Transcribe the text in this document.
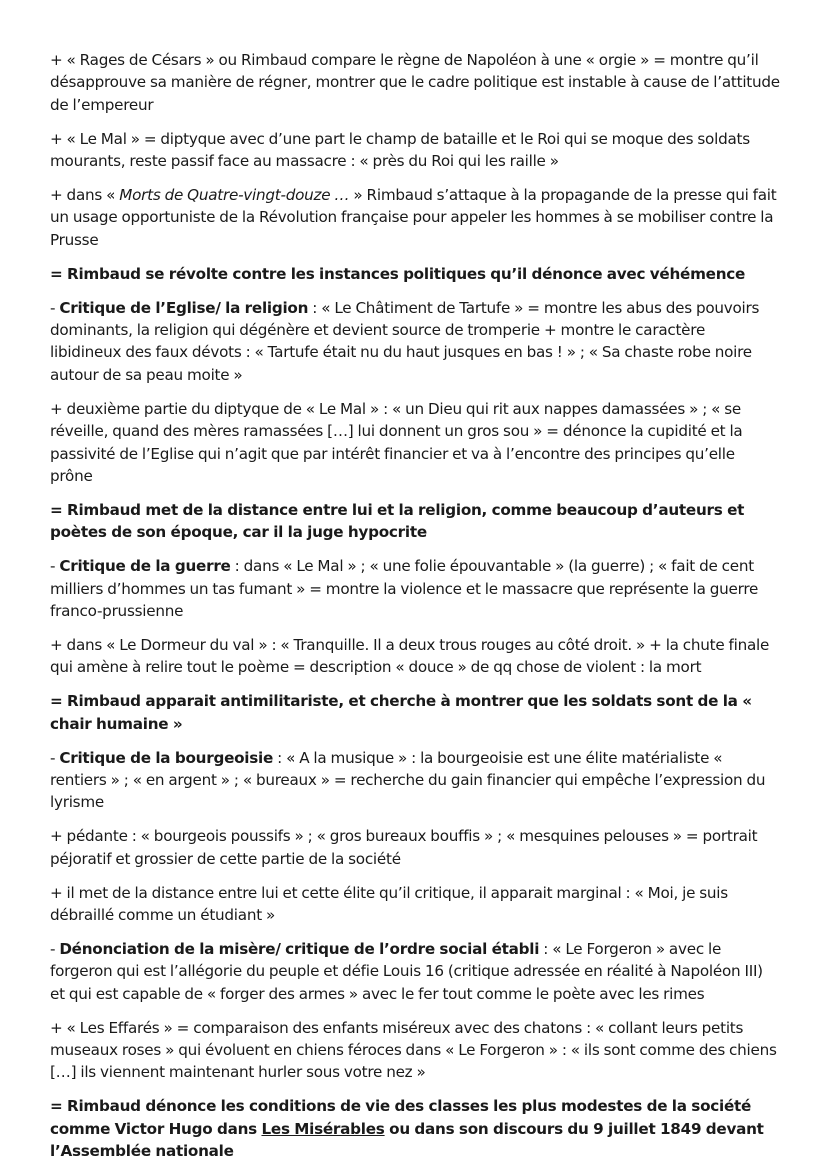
+ « Rages de Césars » ou Rimbaud compare le règne de Napoléon à une « orgie » = montre qu’il désapprouve sa manière de régner, montrer que le cadre politique est instable à cause de l’attitude de l’empereur

+ « Le Mal » = diptyque avec d’une part le champ de bataille et le Roi qui se moque des soldats mourants, reste passif face au massacre : « près du Roi qui les raille »

+ dans « Morts de Quatre-vingt-douze … » Rimbaud s’attaque à la propagande de la presse qui fait un usage opportuniste de la Révolution française pour appeler les hommes à se mobiliser contre la Prusse

= Rimbaud se révolte contre les instances politiques qu’il dénonce avec véhémence

- Critique de l’Eglise/ la religion : « Le Châtiment de Tartufe » = montre les abus des pouvoirs dominants, la religion qui dégénère et devient source de tromperie + montre le caractère libidineux des faux dévots : « Tartufe était nu du haut jusques en bas ! » ; « Sa chaste robe noire autour de sa peau moite »

+ deuxième partie du diptyque de « Le Mal » : « un Dieu qui rit aux nappes damassées » ; « se réveille, quand des mères ramassées […] lui donnent un gros sou » = dénonce la cupidité et la passivité de l’Eglise qui n’agit que par intérêt financier et va à l’encontre des principes qu’elle prône

= Rimbaud met de la distance entre lui et la religion, comme beaucoup d’auteurs et poètes de son époque, car il la juge hypocrite

- Critique de la guerre : dans « Le Mal » ; « une folie épouvantable » (la guerre) ; « fait de cent milliers d’hommes un tas fumant » = montre la violence et le massacre que représente la guerre franco-prussienne

+ dans « Le Dormeur du val » : « Tranquille. Il a deux trous rouges au côté droit. » + la chute finale qui amène à relire tout le poème = description « douce » de qq chose de violent : la mort

= Rimbaud apparait antimilitariste, et cherche à montrer que les soldats sont de la « chair humaine »

- Critique de la bourgeoisie : « A la musique » : la bourgeoisie est une élite matérialiste « rentiers » ; « en argent » ; « bureaux » = recherche du gain financier qui empêche l’expression du lyrisme

+ pédante : « bourgeois poussifs » ; « gros bureaux bouffis » ; « mesquines pelouses » = portrait péjoratif et grossier de cette partie de la société

+ il met de la distance entre lui et cette élite qu’il critique, il apparait marginal : « Moi, je suis débraillé comme un étudiant »

- Dénonciation de la misère/ critique de l’ordre social établi : « Le Forgeron » avec le forgeron qui est l’allégorie du peuple et défie Louis 16 (critique adressée en réalité à Napoléon III) et qui est capable de « forger des armes » avec le fer tout comme le poète avec les rimes

+ « Les Effarés » = comparaison des enfants miséreux avec des chatons : « collant leurs petits museaux roses » qui évoluent en chiens féroces dans « Le Forgeron » : « ils sont comme des chiens […] ils viennent maintenant hurler sous votre nez »

= Rimbaud dénonce les conditions de vie des classes les plus modestes de la société comme Victor Hugo dans Les Misérables ou dans son discours du 9 juillet 1849 devant l’Assemblée nationale
